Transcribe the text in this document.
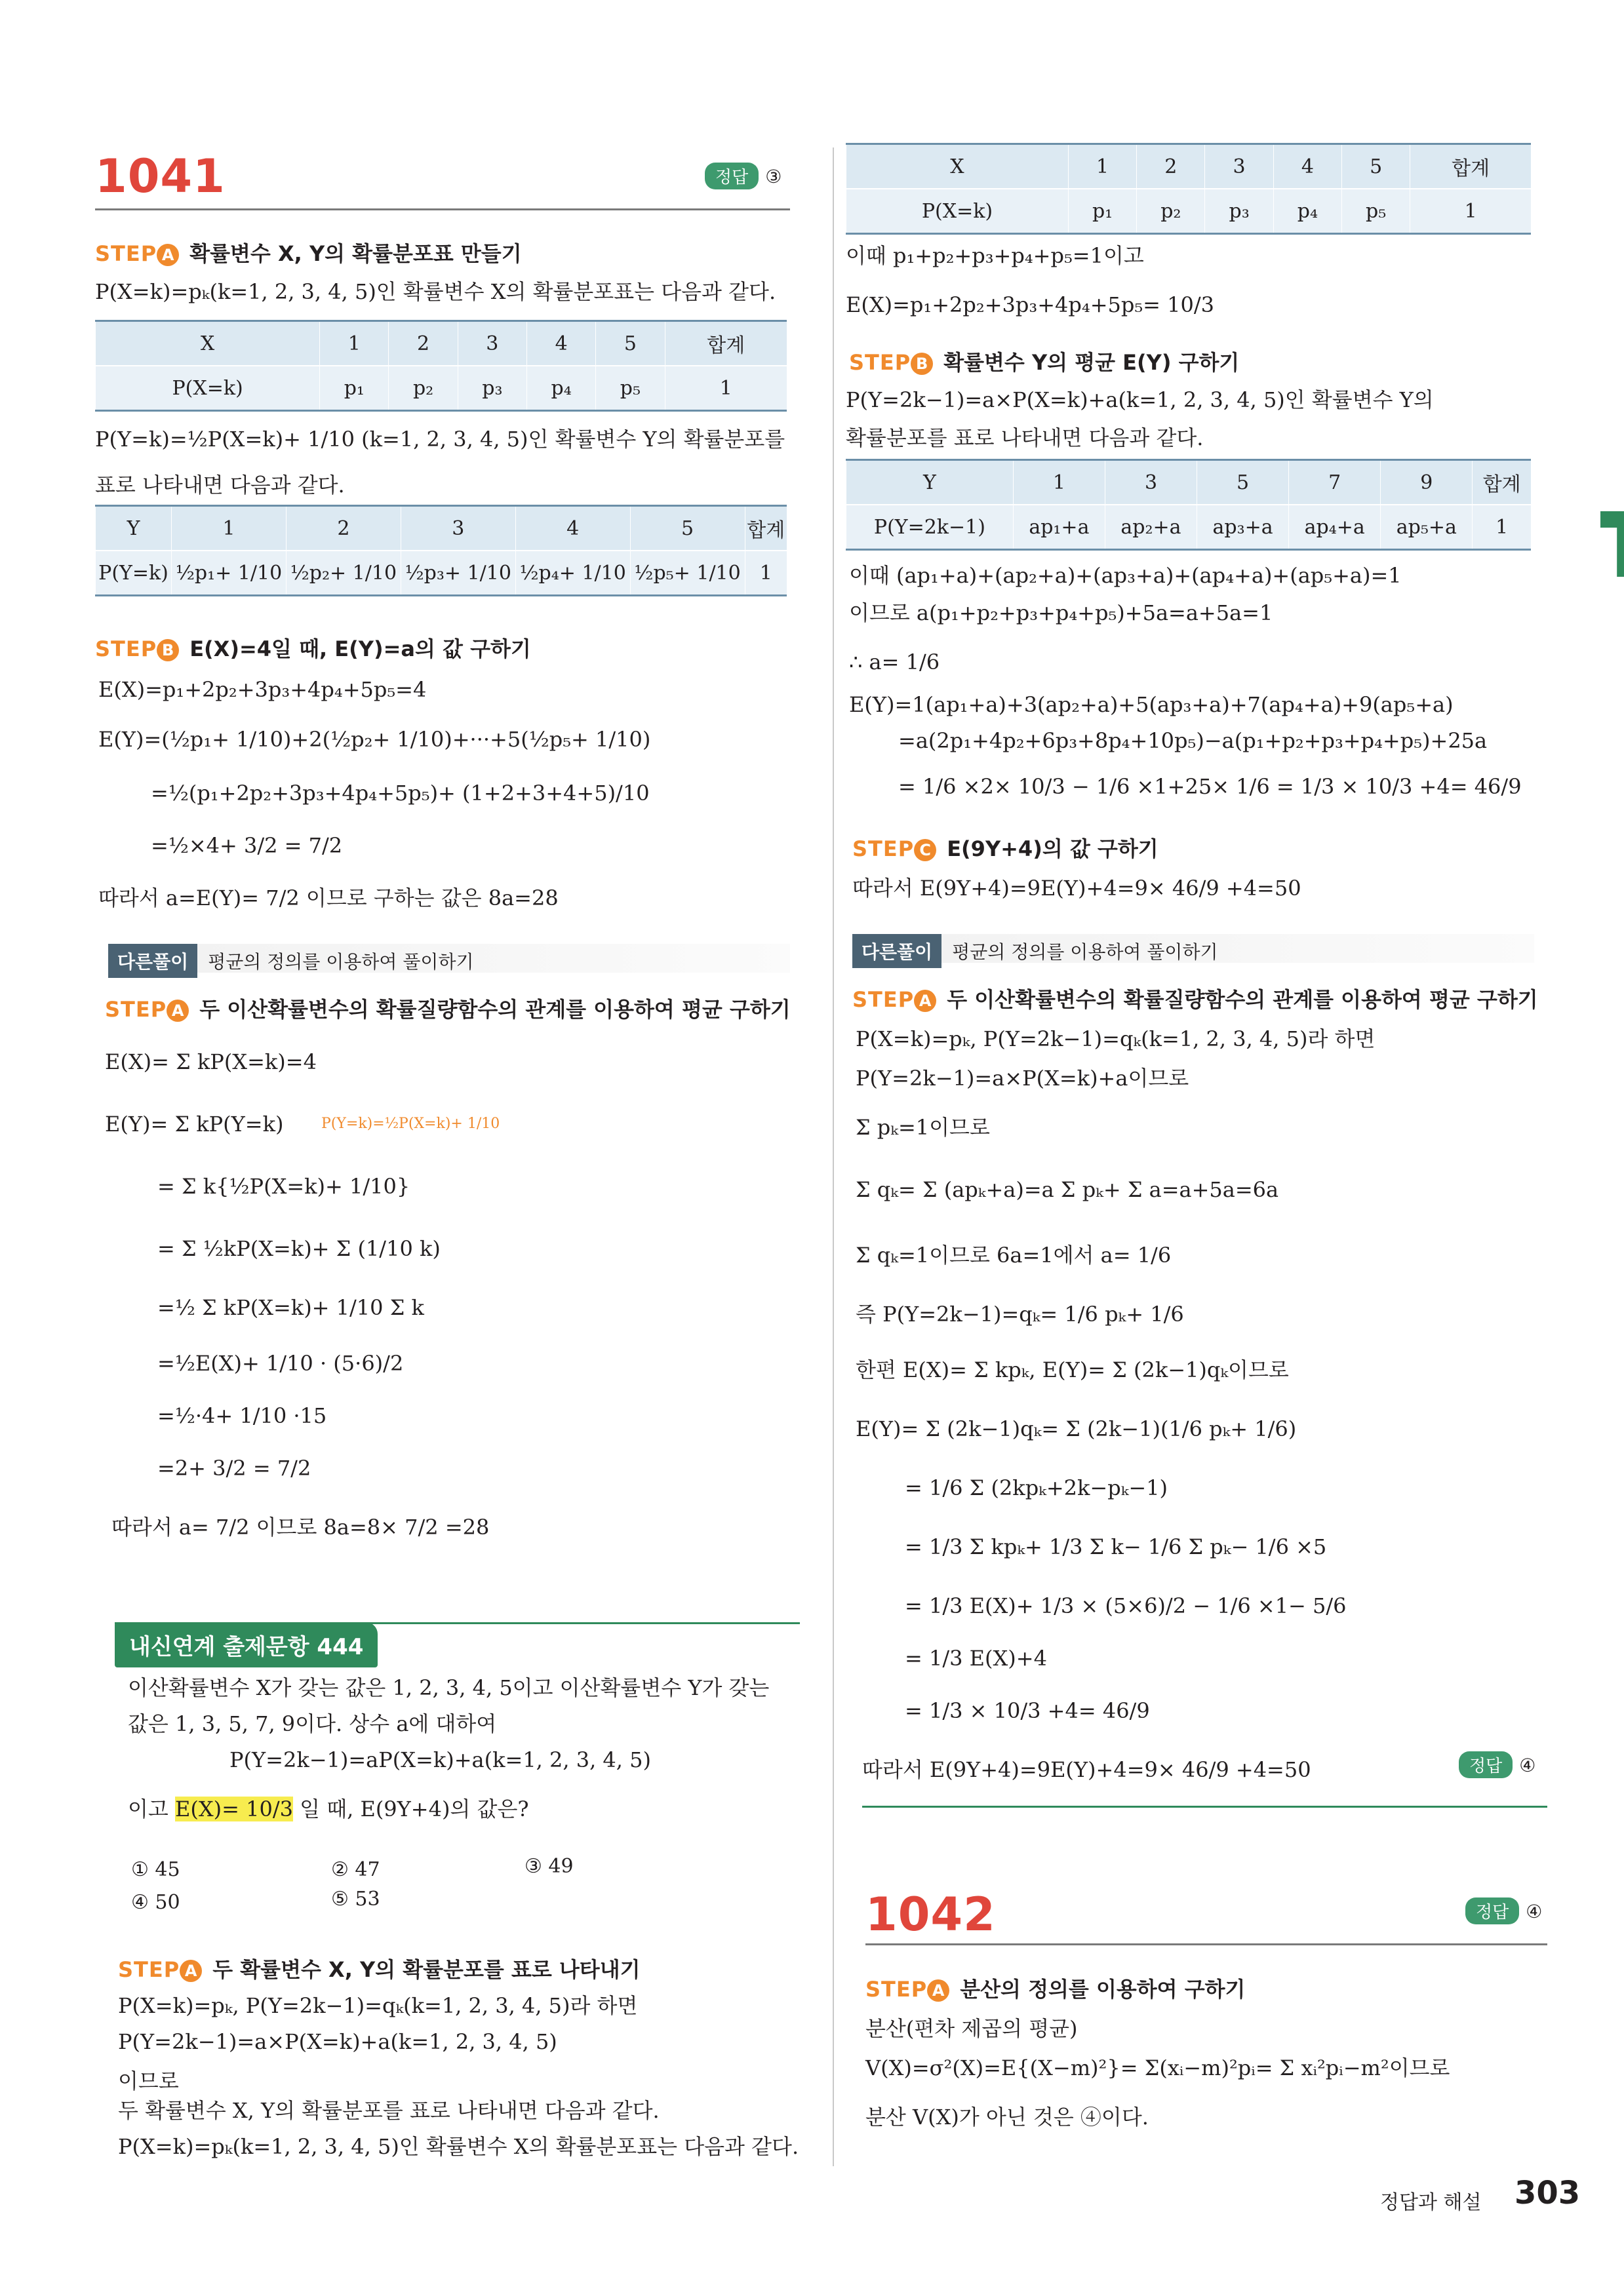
1041	정답 ③
STEP A 확률변수 X, Y의 확률분포표 만들기
P(X=k)=pₖ(k=1, 2, 3, 4, 5)인 확률변수 X의 확률분포표는 다음과 같다.
X	1	2	3	4	5	합계
P(X=k)	p₁	p₂	p₃	p₄	p₅	1
P(Y=k)=½P(X=k)+ 1/10 (k=1, 2, 3, 4, 5)인 확률변수 Y의 확률분포를
표로 나타내면 다음과 같다.
Y	1	2	3	4	5	합계
P(Y=k)	½p₁+ 1/10	½p₂+ 1/10	½p₃+ 1/10	½p₄+ 1/10	½p₅+ 1/10	1
STEP B E(X)=4일 때, E(Y)=a의 값 구하기
E(X)=p₁+2p₂+3p₃+4p₄+5p₅=4
E(Y)=(½p₁+ 1/10)+2(½p₂+ 1/10)+···+5(½p₅+ 1/10)
=½(p₁+2p₂+3p₃+4p₄+5p₅)+ (1+2+3+4+5)/10
=½×4+ 3/2 = 7/2
따라서 a=E(Y)= 7/2 이므로 구하는 값은 8a=28
다른풀이 평균의 정의를 이용하여 풀이하기
STEP A 두 이산확률변수의 확률질량함수의 관계를 이용하여 평균 구하기
E(X)= Σ kP(X=k)=4
E(Y)= Σ kP(Y=k)	P(Y=k)=½P(X=k)+ 1/10
= Σ k{½P(X=k)+ 1/10}
= Σ ½kP(X=k)+ Σ (1/10 k)
=½ Σ kP(X=k)+ 1/10 Σ k
=½E(X)+ 1/10 · (5·6)/2
=½·4+ 1/10 ·15
=2+ 3/2 = 7/2
따라서 a= 7/2 이므로 8a=8× 7/2 =28
내신연계 출제문항 444
이산확률변수 X가 갖는 값은 1, 2, 3, 4, 5이고 이산확률변수 Y가 갖는
값은 1, 3, 5, 7, 9이다. 상수 a에 대하여
P(Y=2k−1)=aP(X=k)+a(k=1, 2, 3, 4, 5)
이고 E(X)= 10/3 일 때, E(9Y+4)의 값은?
① 45	② 47	③ 49
④ 50	⑤ 53
STEP A 두 확률변수 X, Y의 확률분포를 표로 나타내기
P(X=k)=pₖ, P(Y=2k−1)=qₖ(k=1, 2, 3, 4, 5)라 하면
P(Y=2k−1)=a×P(X=k)+a(k=1, 2, 3, 4, 5)
이므로
두 확률변수 X, Y의 확률분포를 표로 나타내면 다음과 같다.
P(X=k)=pₖ(k=1, 2, 3, 4, 5)인 확률변수 X의 확률분포표는 다음과 같다.
X	1	2	3	4	5	합계
P(X=k)	p₁	p₂	p₃	p₄	p₅	1
이때 p₁+p₂+p₃+p₄+p₅=1이고
E(X)=p₁+2p₂+3p₃+4p₄+5p₅= 10/3
STEP B 확률변수 Y의 평균 E(Y) 구하기
P(Y=2k−1)=a×P(X=k)+a(k=1, 2, 3, 4, 5)인 확률변수 Y의
확률분포를 표로 나타내면 다음과 같다.
Y	1	3	5	7	9	합계
P(Y=2k−1)	ap₁+a	ap₂+a	ap₃+a	ap₄+a	ap₅+a	1
이때 (ap₁+a)+(ap₂+a)+(ap₃+a)+(ap₄+a)+(ap₅+a)=1
이므로 a(p₁+p₂+p₃+p₄+p₅)+5a=a+5a=1
∴ a= 1/6
E(Y)=1(ap₁+a)+3(ap₂+a)+5(ap₃+a)+7(ap₄+a)+9(ap₅+a)
=a(2p₁+4p₂+6p₃+8p₄+10p₅)−a(p₁+p₂+p₃+p₄+p₅)+25a
= 1/6 ×2× 10/3 − 1/6 ×1+25× 1/6 = 1/3 × 10/3 +4= 46/9
STEP C E(9Y+4)의 값 구하기
따라서 E(9Y+4)=9E(Y)+4=9× 46/9 +4=50
다른풀이 평균의 정의를 이용하여 풀이하기
STEP A 두 이산확률변수의 확률질량함수의 관계를 이용하여 평균 구하기
P(X=k)=pₖ, P(Y=2k−1)=qₖ(k=1, 2, 3, 4, 5)라 하면
P(Y=2k−1)=a×P(X=k)+a이므로
Σ pₖ=1이므로
Σ qₖ= Σ (apₖ+a)=a Σ pₖ+ Σ a=a+5a=6a
Σ qₖ=1이므로 6a=1에서 a= 1/6
즉 P(Y=2k−1)=qₖ= 1/6 pₖ+ 1/6
한편 E(X)= Σ kpₖ, E(Y)= Σ (2k−1)qₖ이므로
E(Y)= Σ (2k−1)qₖ= Σ (2k−1)(1/6 pₖ+ 1/6)
= 1/6 Σ (2kpₖ+2k−pₖ−1)
= 1/3 Σ kpₖ+ 1/3 Σ k− 1/6 Σ pₖ− 1/6 ×5
= 1/3 E(X)+ 1/3 × (5×6)/2 − 1/6 ×1− 5/6
= 1/3 E(X)+4
= 1/3 × 10/3 +4= 46/9
따라서 E(9Y+4)=9E(Y)+4=9× 46/9 +4=50	정답 ④
1042	정답 ④
STEP A 분산의 정의를 이용하여 구하기
분산(편차 제곱의 평균)
V(X)=σ²(X)=E{(X−m)²}= Σ(xᵢ−m)²pᵢ= Σ xᵢ²pᵢ−m²이므로
분산 V(X)가 아닌 것은 ④이다.
정답과 해설 303
